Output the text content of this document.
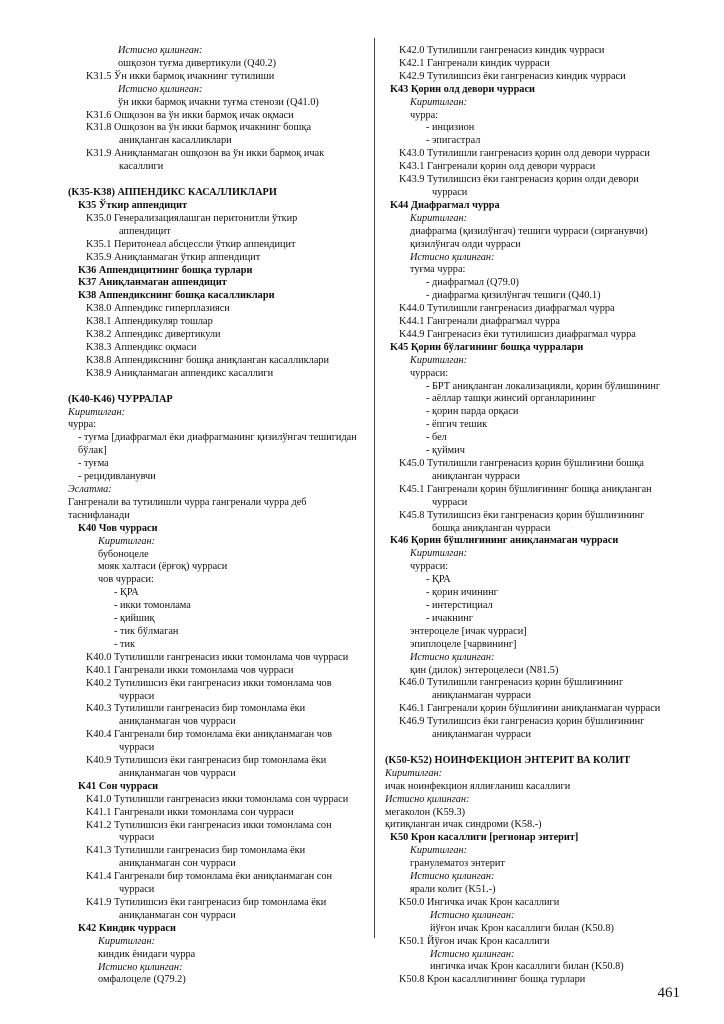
Истисно қилинган:
ошқозон туғма дивертикули (Q40.2)
K31.5 Ўн икки бармоқ ичакнинг тутилиши
Истисно қилинган:
ўн икки бармоқ ичакни туғма стенози (Q41.0)
K31.6 Ошқозон ва ўн икки бармоқ ичак оқмаси
K31.8 Ошқозон ва ўн икки бармоқ ичакнинг бошқа
аниқланган касалликлари
K31.9 Аниқланмаган ошқозон ва ўн икки бармоқ ичак
касаллиги
(K35-K38) АППЕНДИКС КАСАЛЛИКЛАРИ
K35 Ўткир аппендицит
K35.0 Генерализациялашган перитонитли ўткир
аппендицит
K35.1 Перитонеал абсцессли ўткир аппендицит
K35.9 Аниқланмаган ўткир аппендицит
K36 Аппендицитнинг бошқа турлари
K37 Аниқланмаган аппендицит
K38 Аппендикснинг бошқа касалликлари
K38.0 Аппендикс гиперплазияси
K38.1 Аппендикуляр тошлар
K38.2 Аппендикс дивертикули
K38.3 Аппендикс оқмаси
K38.8 Аппендикснинг бошқа аниқланган касалликлари
K38.9 Аниқланмаган аппендикс касаллиги
(K40-K46) ЧУРРАЛАР
Киритилган:
чурра:
- туғма [диафрагмал ёки диафрагманинг қизилўнгач тешигидан бўлак]
- туғма
- рецидивланувчи
Эслатма:
Гангренали ва тутилишли чурра гангренали чурра деб таснифланади
K40 Чов чурраси
Киритилган:
бубоноцеле
мояк халтаси (ёрғоқ) чурраси
чов чурраси:
- ҚРА
- икки томонлама
- қийшиқ
- тик бўлмаган
- тик
K40.0 Тутилишли гангренасиз икки томонлама чов чурраси
K40.1 Гангренали икки томонлама чов чурраси
K40.2 Тутилишсиз ёки гангренасиз икки томонлама чов
чурраси
K40.3 Тутилишли гангренасиз бир томонлама ёки
аниқланмаган чов чурраси
K40.4 Гангренали бир томонлама ёки аниқланмаган чов
чурраси
K40.9 Тутилишсиз ёки гангренасиз бир томонлама ёки
аниқланмаган чов чурраси
K41 Сон чурраси
K41.0 Тутилишли гангренасиз икки томонлама сон чурраси
K41.1 Гангренали икки томонлама сон чурраси
K41.2 Тутилишсиз ёки гангренасиз икки томонлама сон
чурраси
K41.3 Тутилишли гангренасиз бир томонлама ёки
аниқланмаган сон чурраси
K41.4 Гангренали бир томонлама ёки аниқланмаган сон
чурраси
K41.9 Тутилишсиз ёки гангренасиз бир томонлама ёки
аниқланмаган сон чурраси
K42 Киндик чурраси
Киритилган:
киндик ёнидаги чурра
Истисно қилинган:
омфалоцеле (Q79.2)
K42.0 Тутилишли гангренасиз киндик чурраси
K42.1 Гангренали киндик чурраси
K42.9 Тутилишсиз ёки гангренасиз киндик чурраси
K43 Қорин олд девори чурраси
Киритилган:
чурра:
- инцизион
- эпигастрал
K43.0 Тутилишли гангренасиз қорин олд девори чурраси
K43.1 Гангренали қорин олд девори чурраси
K43.9 Тутилишсиз ёки гангренасиз қорин олди девори
чурраси
K44 Диафрагмал чурра
Киритилган:
диафрагма (қизилўнгач) тешиги чурраси (сирғанувчи)
қизилўнгач олди чурраси
Истисно қилинган:
туғма чурра:
- диафрагмал (Q79.0)
- диафрагма қизилўнгач тешиги (Q40.1)
K44.0 Тутилишли гангренасиз диафрагмал чурра
K44.1 Гангренали диафрагмал чурра
K44.9 Гангренасиз ёки тутилишсиз диафрагмал чурра
K45 Қорин бўлагининг бошқа чурралари
Киритилган:
чурраси:
- БРТ аниқланган локализацияли, қорин бўлишининг
- аёллар ташқи жинсий органларининг
- қорин парда орқаси
- ёпгич тешик
- бел
- қуймич
K45.0 Тутилишли гангренасиз қорин бўшлиғини бошқа
аниқланган чурраси
K45.1 Гангренали қорин бўшлиғининг бошқа аниқланган
чурраси
K45.8 Тутилишсиз ёки гангренасиз қорин бўшлиғининг
бошқа аниқланган чурраси
K46 Қорин бўшлиғининг аниқланмаган чурраси
Киритилган:
чурраси:
- ҚРА
- қорин ичининг
- интерстициал
- ичакнинг
энтероцеле [ичак чурраси]
эпиплоцеле [чарвининг]
Истисно қилинган:
қин (дилок) энтероцелеси (N81.5)
K46.0 Тутилишли гангренасиз қорин бўшлиғининг
аниқланмаган чурраси
K46.1 Гангренали қорин бўшлиғини аниқланмаган чурраси
K46.9 Тутилишсиз ёки гангренасиз қорин бўшлиғининг
аниқланмаган чурраси
(K50-K52) НОИНФЕКЦИОН ЭНТЕРИТ ВА КОЛИТ
Киритилган:
ичак ноинфекцион яллиғланиш касаллиги
Истисно қилинган:
мегаколон (K59.3)
қитиқланган ичак синдроми (K58.-)
K50 Крон касаллиги [регионар энтерит]
Киритилган:
гранулематоз энтерит
Истисно қилинган:
ярали колит (K51.-)
K50.0 Ингичка ичак Крон касаллиги
Истисно қилинган:
йўғон ичак Крон касаллиги билан (K50.8)
K50.1 Йўғон ичак Крон касаллиги
Истисно қилинган:
ингичка ичак Крон касаллиги билан (K50.8)
K50.8 Крон касаллигининг бошқа турлари
461
